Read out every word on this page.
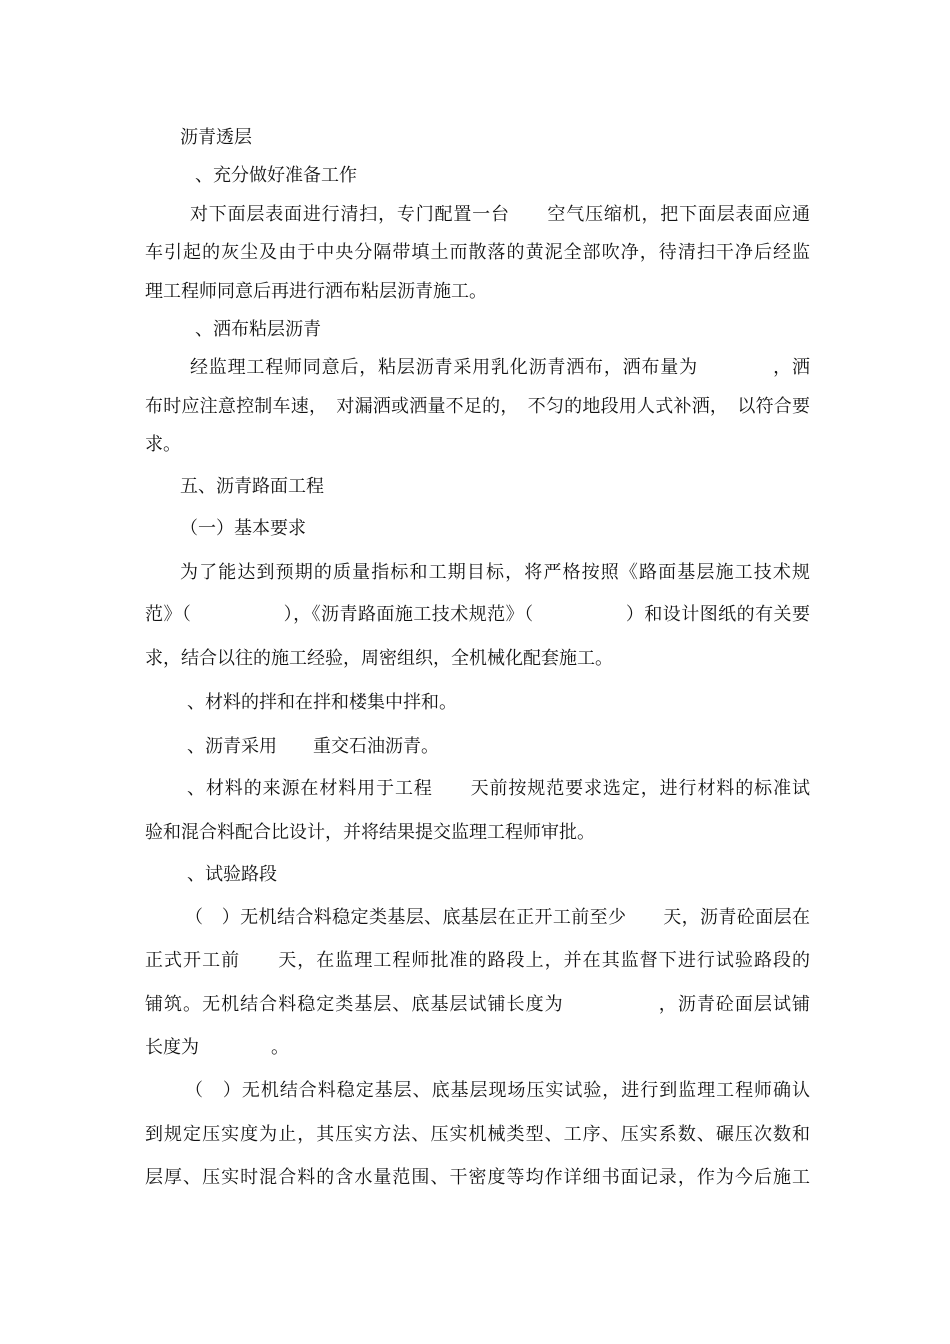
沥青透层
、充分做好准备工作
对下面层表面进行清扫，专门配置一台　　空气压缩机，把下面层表面应通
车引起的灰尘及由于中央分隔带填土而散落的黄泥全部吹净，待清扫干净后经监
理工程师同意后再进行洒布粘层沥青施工。
、洒布粘层沥青
经监理工程师同意后，粘层沥青采用乳化沥青洒布，洒布量为　　　　，洒
布时应注意控制车速，　对漏洒或洒量不足的，　不匀的地段用人式补洒，　以符合要
求。
五、沥青路面工程
（一）基本要求
为了能达到预期的质量指标和工期目标，将严格按照《路面基层施工技术规
范》（　　　　　），《沥青路面施工技术规范》（　　　　　）和设计图纸的有关要
求，结合以往的施工经验，周密组织，全机械化配套施工。
、材料的拌和在拌和楼集中拌和。
、沥青采用　　重交石油沥青。
、材料的来源在材料用于工程　　天前按规范要求选定，进行材料的标准试
验和混合料配合比设计，并将结果提交监理工程师审批。
、试验路段
（　）无机结合料稳定类基层、底基层在正开工前至少　　天，沥青砼面层在
正式开工前　　天，在监理工程师批准的路段上，并在其监督下进行试验路段的
铺筑。无机结合料稳定类基层、底基层试铺长度为　　　　　，沥青砼面层试铺
长度为　　　　。
（　）无机结合料稳定基层、底基层现场压实试验，进行到监理工程师确认
到规定压实度为止，其压实方法、压实机械类型、工序、压实系数、碾压次数和
层厚、压实时混合料的含水量范围、干密度等均作详细书面记录，作为今后施工
